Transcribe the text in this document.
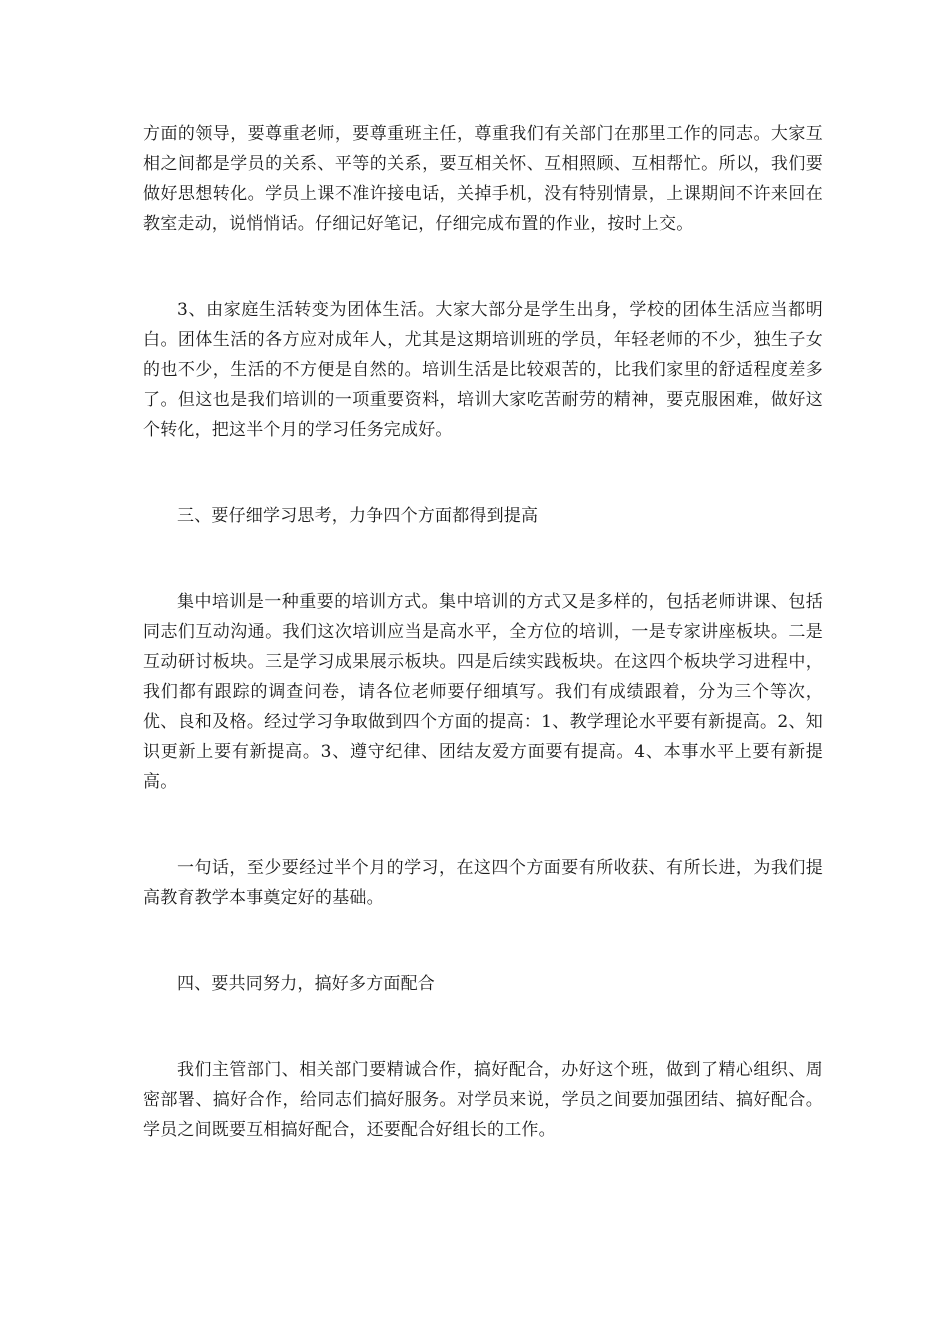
方面的领导，要尊重老师，要尊重班主任，尊重我们有关部门在那里工作的同志。大家互相之间都是学员的关系、平等的关系，要互相关怀、互相照顾、互相帮忙。所以，我们要做好思想转化。学员上课不准许接电话，关掉手机，没有特别情景，上课期间不许来回在教室走动，说悄悄话。仔细记好笔记，仔细完成布置的作业，按时上交。

3、由家庭生活转变为团体生活。大家大部分是学生出身，学校的团体生活应当都明白。团体生活的各方应对成年人，尤其是这期培训班的学员，年轻老师的不少，独生子女的也不少，生活的不方便是自然的。培训生活是比较艰苦的，比我们家里的舒适程度差多了。但这也是我们培训的一项重要资料，培训大家吃苦耐劳的精神，要克服困难，做好这个转化，把这半个月的学习任务完成好。

三、要仔细学习思考，力争四个方面都得到提高

集中培训是一种重要的培训方式。集中培训的方式又是多样的，包括老师讲课、包括同志们互动沟通。我们这次培训应当是高水平，全方位的培训，一是专家讲座板块。二是互动研讨板块。三是学习成果展示板块。四是后续实践板块。在这四个板块学习进程中，我们都有跟踪的调查问卷，请各位老师要仔细填写。我们有成绩跟着，分为三个等次，优、良和及格。经过学习争取做到四个方面的提高：1、教学理论水平要有新提高。2、知识更新上要有新提高。3、遵守纪律、团结友爱方面要有提高。4、本事水平上要有新提高。

一句话，至少要经过半个月的学习，在这四个方面要有所收获、有所长进，为我们提高教育教学本事奠定好的基础。

四、要共同努力，搞好多方面配合

我们主管部门、相关部门要精诚合作，搞好配合，办好这个班，做到了精心组织、周密部署、搞好合作，给同志们搞好服务。对学员来说，学员之间要加强团结、搞好配合。学员之间既要互相搞好配合，还要配合好组长的工作。
